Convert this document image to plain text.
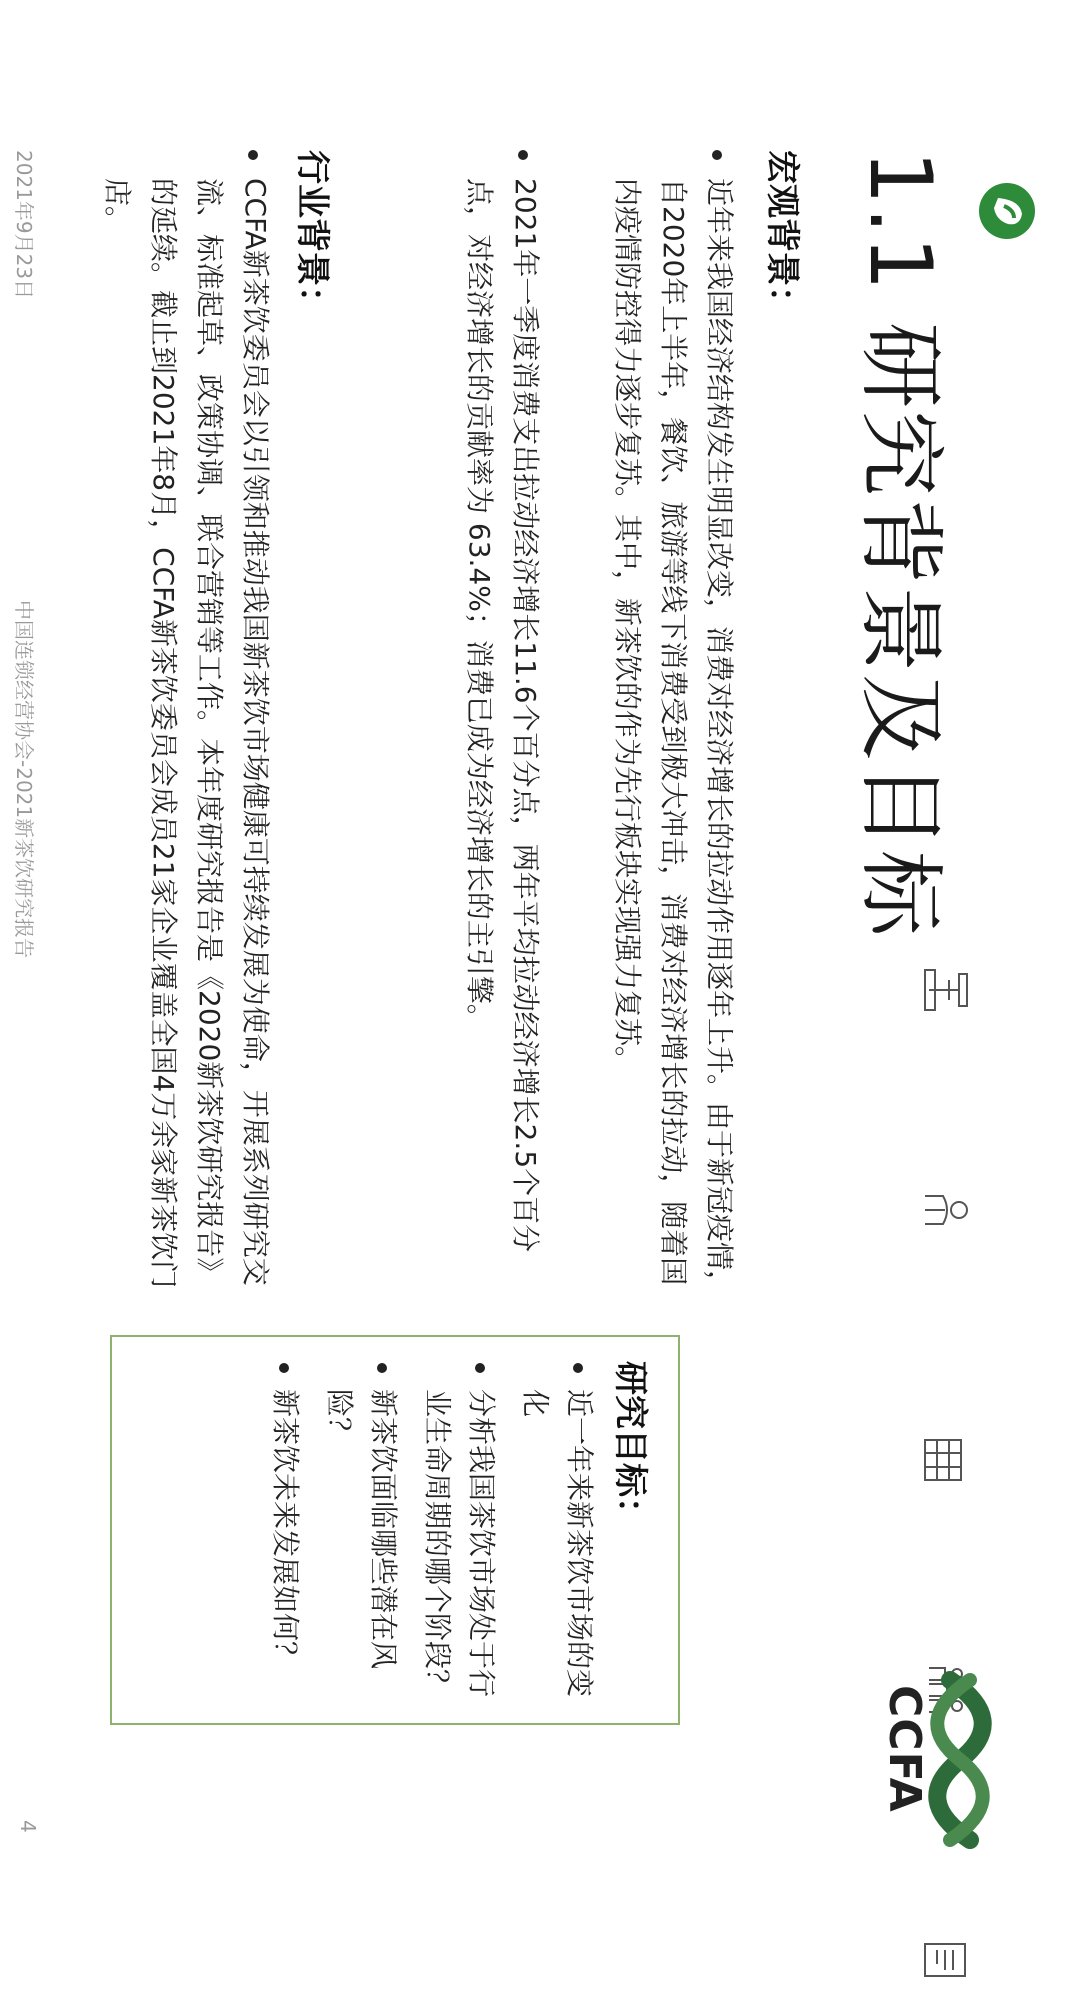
1.1 研究背景及目标
CCFA
宏观背景：
近年来我国经济结构发生明显改变，消费对经济增长的拉动作用逐年上升。由于新冠疫情，自2020年上半年，餐饮、旅游等线下消费受到极大冲击，消费对经济增长的拉动，随着国内疫情防控得力逐步复苏。其中，新茶饮的作为先行板块实现强力复苏。
2021年一季度消费支出拉动经济增长11.6个百分点，两年平均拉动经济增长2.5个百分点，对经济增长的贡献率为 63.4%；消费已成为经济增长的主引擎。
行业背景：
CCFA新茶饮委员会以引领和推动我国新茶饮市场健康可持续发展为使命，开展系列研究交流、标准起草、政策协调、联合营销等工作。本年度研究报告是《2020新茶饮研究报告》的延续。截止到2021年8月，CCFA新茶饮委员会成员21家企业覆盖全国4万余家新茶饮门店。
研究目标：
近一年来新茶饮市场的变化
分析我国茶饮市场处于行业生命周期的哪个阶段？
新茶饮面临哪些潜在风险？
新茶饮未来发展如何？
2021年9月23日
中国连锁经营协会-2021新茶饮研究报告
4
